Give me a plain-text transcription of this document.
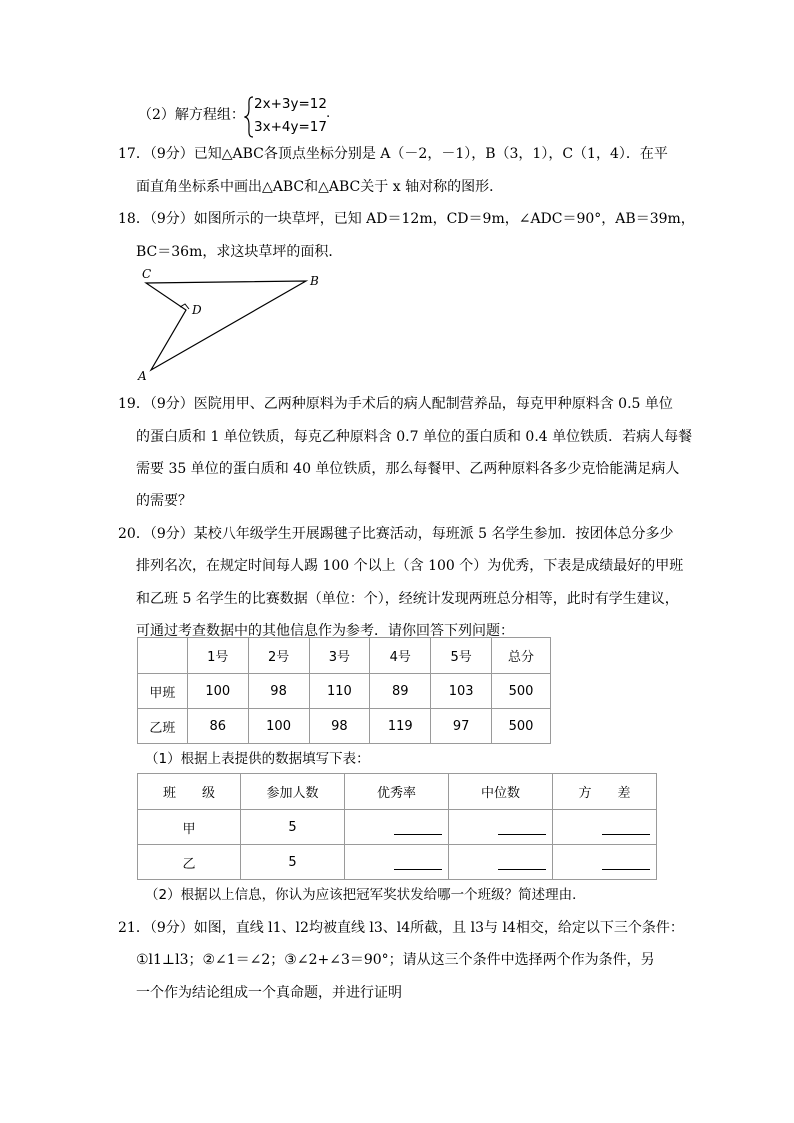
（2）解方程组：
2x+3y=12
3x+4y=17
.
17．（9分）已知△ABC各顶点坐标分别是 A（－2，－1），B（3，1），C（1，4）．在平
面直角坐标系中画出△ABC和△ABC关于 x 轴对称的图形．
18．（9分）如图所示的一块草坪，已知 AD＝12m，CD＝9m，∠ADC＝90°，AB＝39m，
BC＝36m，求这块草坪的面积．
C	B
D
A
19．（9分）医院用甲、乙两种原料为手术后的病人配制营养品，每克甲种原料含 0.5 单位
的蛋白质和 1 单位铁质，每克乙种原料含 0.7 单位的蛋白质和 0.4 单位铁质．若病人每餐
需要 35 单位的蛋白质和 40 单位铁质，那么每餐甲、乙两种原料各多少克恰能满足病人
的需要？
20．（9分）某校八年级学生开展踢毽子比赛活动，每班派 5 名学生参加．按团体总分多少
排列名次，在规定时间每人踢 100 个以上（含 100 个）为优秀，下表是成绩最好的甲班
和乙班 5 名学生的比赛数据（单位：个），经统计发现两班总分相等，此时有学生建议，
可通过考查数据中的其他信息作为参考．请你回答下列问题：
	1号	2号	3号	4号	5号	总分
甲班	100	98	110	89	103	500
乙班	86	100	98	119	97	500
（1）根据上表提供的数据填写下表：
班　　级	参加人数	优秀率	中位数	方　　差
甲	5			
乙	5			
（2）根据以上信息，你认为应该把冠军奖状发给哪一个班级？简述理由．
21．（9分）如图，直线 l1、l2均被直线 l3、l4所截，且 l3与 l4相交，给定以下三个条件：
①l1⊥l3；②∠1＝∠2；③∠2+∠3＝90°；请从这三个条件中选择两个作为条件，另
一个作为结论组成一个真命题，并进行证明
